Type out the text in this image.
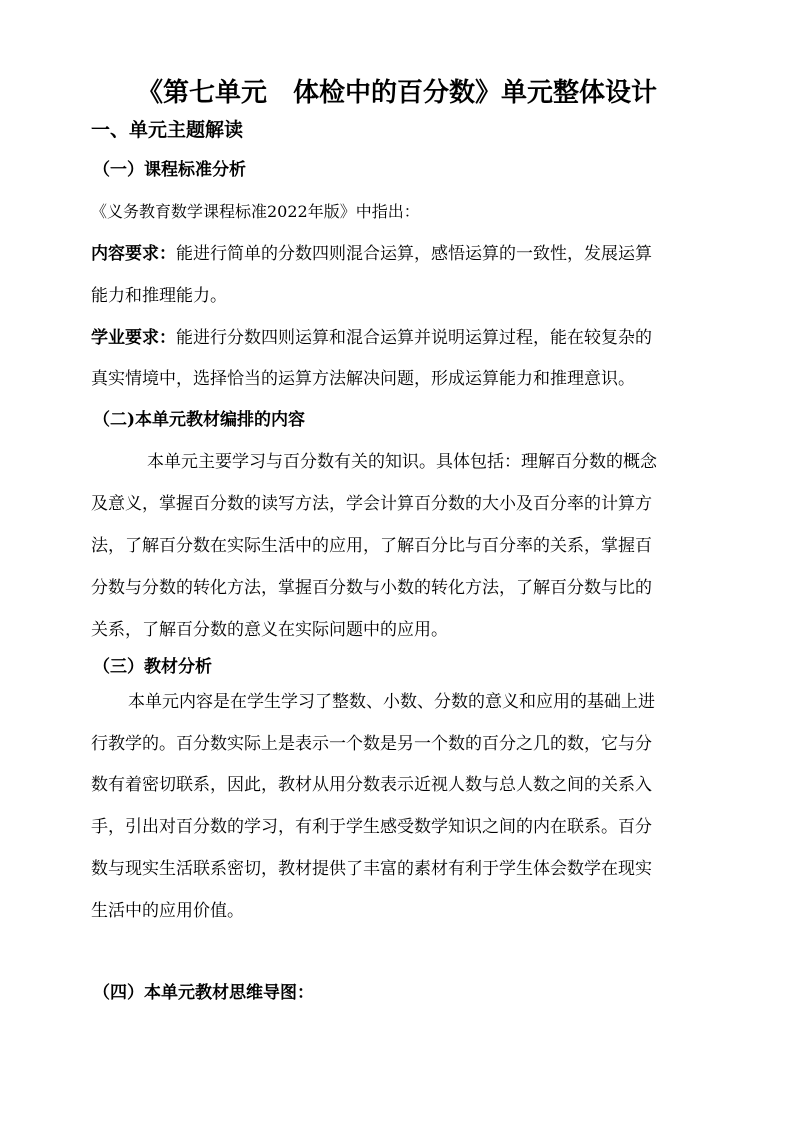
《第七单元 体检中的百分数》单元整体设计
一、单元主题解读
（一）课程标准分析
《义务教育数学课程标准2022年版》中指出：
内容要求：能进行简单的分数四则混合运算，感悟运算的一致性，发展运算
能力和推理能力。
学业要求：能进行分数四则运算和混合运算并说明运算过程，能在较复杂的
真实情境中，选择恰当的运算方法解决问题，形成运算能力和推理意识。
（二)本单元教材编排的内容
本单元主要学习与百分数有关的知识。具体包括：理解百分数的概念
及意义，掌握百分数的读写方法，学会计算百分数的大小及百分率的计算方
法，了解百分数在实际生活中的应用，了解百分比与百分率的关系，掌握百
分数与分数的转化方法，掌握百分数与小数的转化方法，了解百分数与比的
关系，了解百分数的意义在实际问题中的应用。
（三）教材分析
本单元内容是在学生学习了整数、小数、分数的意义和应用的基础上进
行教学的。百分数实际上是表示一个数是另一个数的百分之几的数，它与分
数有着密切联系，因此，教材从用分数表示近视人数与总人数之间的关系入
手，引出对百分数的学习，有利于学生感受数学知识之间的内在联系。百分
数与现实生活联系密切，教材提供了丰富的素材有利于学生体会数学在现实
生活中的应用价值。
（四）本单元教材思维导图：
